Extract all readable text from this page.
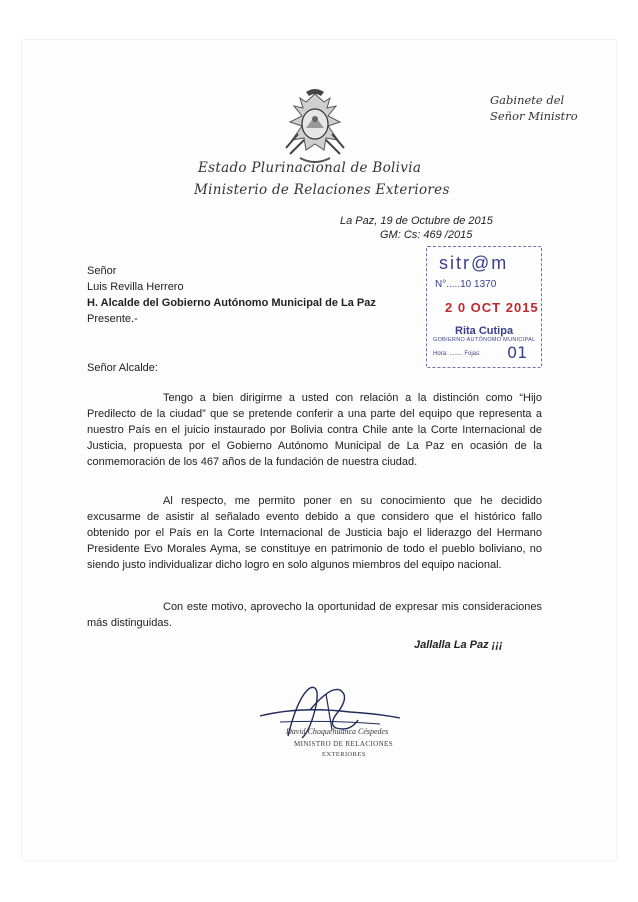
Gabinete del
Señor Ministro
Estado Plurinacional de Bolivia
Ministerio de Relaciones Exteriores
La Paz, 19 de Octubre de 2015
GM: Cs: 469 /2015
sitr@m
N°.....10 1370
2 0 OCT 2015
Rita Cutipa
GOBIERNO AUTÓNOMO MUNICIPAL
Hora: ........ Fojas: 01
Señor
Luis Revilla Herrero
H. Alcalde del Gobierno Autónomo Municipal de La Paz
Presente.-
Señor Alcalde:

Tengo a bien dirigirme a usted con relación a la distinción como “Hijo Predilecto de la ciudad” que se pretende conferir a una parte del equipo que representa a nuestro País en el juicio instaurado por Bolivia contra Chile ante la Corte Internacional de Justicia, propuesta por el Gobierno Autónomo Municipal de La Paz en ocasión de la conmemoración de los 467 años de la fundación de nuestra ciudad.

Al respecto, me permito poner en su conocimiento que he decidido excusarme de asistir al señalado evento debido a que considero que el histórico fallo obtenido por el País en la Corte Internacional de Justicia bajo el liderazgo del Hermano Presidente Evo Morales Ayma, se constituye en patrimonio de todo el pueblo boliviano, no siendo justo individualizar dicho logro en solo algunos miembros del equipo nacional.

Con este motivo, aprovecho la oportunidad de expresar mis consideraciones más distinguidas.

Jallalla La Paz ¡¡¡
David Choquehuanca Céspedes
MINISTRO DE RELACIONES
EXTERIORES
